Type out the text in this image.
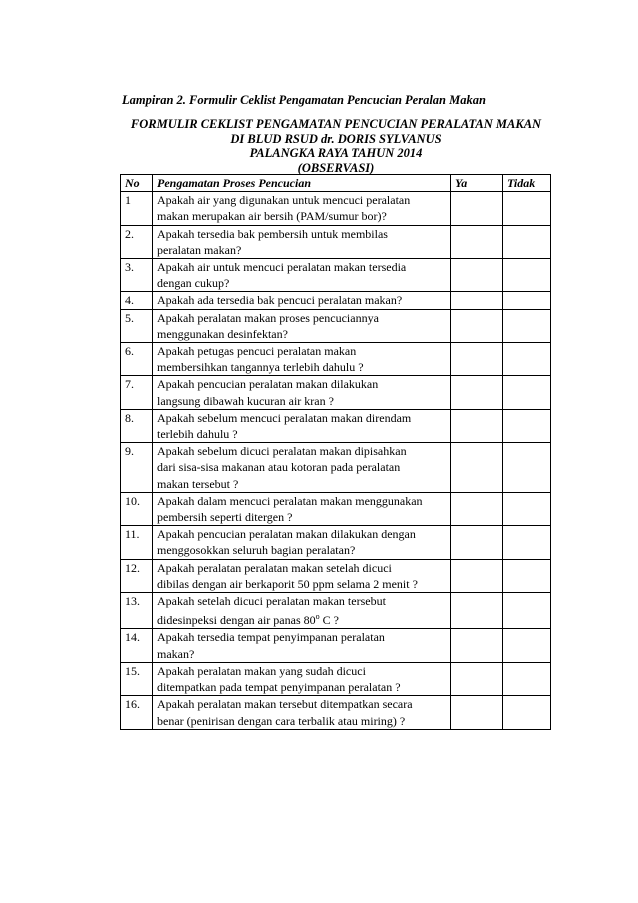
Lampiran 2. Formulir Ceklist Pengamatan Pencucian Peralan Makan
FORMULIR CEKLIST PENGAMATAN PENCUCIAN PERALATAN MAKAN
DI BLUD RSUD dr. DORIS SYLVANUS
PALANGKA RAYA TAHUN 2014
(OBSERVASI)
No	Pengamatan Proses Pencucian	Ya	Tidak
1	Apakah air yang digunakan untuk mencuci peralatan
makan merupakan air bersih (PAM/sumur bor)?		
2.	Apakah tersedia bak pembersih untuk membilas
peralatan makan?		
3.	Apakah air untuk mencuci peralatan makan tersedia
dengan cukup?		
4.	Apakah ada tersedia bak pencuci peralatan makan?		
5.	Apakah peralatan makan proses pencuciannya
menggunakan desinfektan?		
6.	Apakah petugas pencuci peralatan makan
membersihkan tangannya terlebih dahulu ?		
7.	Apakah pencucian peralatan makan dilakukan
langsung dibawah kucuran air kran ?		
8.	Apakah sebelum mencuci peralatan makan direndam
terlebih dahulu ?		
9.	Apakah sebelum dicuci peralatan makan dipisahkan
dari sisa-sisa makanan atau kotoran pada peralatan
makan tersebut ?		
10.	Apakah dalam mencuci peralatan makan menggunakan
pembersih seperti ditergen ?		
11.	Apakah pencucian peralatan makan dilakukan dengan
menggosokkan seluruh bagian peralatan?		
12.	Apakah peralatan peralatan makan setelah dicuci
dibilas dengan air berkaporit 50 ppm selama 2 menit ?		
13.	Apakah setelah dicuci peralatan makan tersebut
didesinpeksi dengan air panas 80$^o$ C ?		
14.	Apakah tersedia tempat penyimpanan peralatan
makan?		
15.	Apakah peralatan makan yang sudah dicuci
ditempatkan pada tempat penyimpanan peralatan ?		
16.	Apakah peralatan makan tersebut ditempatkan secara
benar (penirisan dengan cara terbalik atau miring) ?		
